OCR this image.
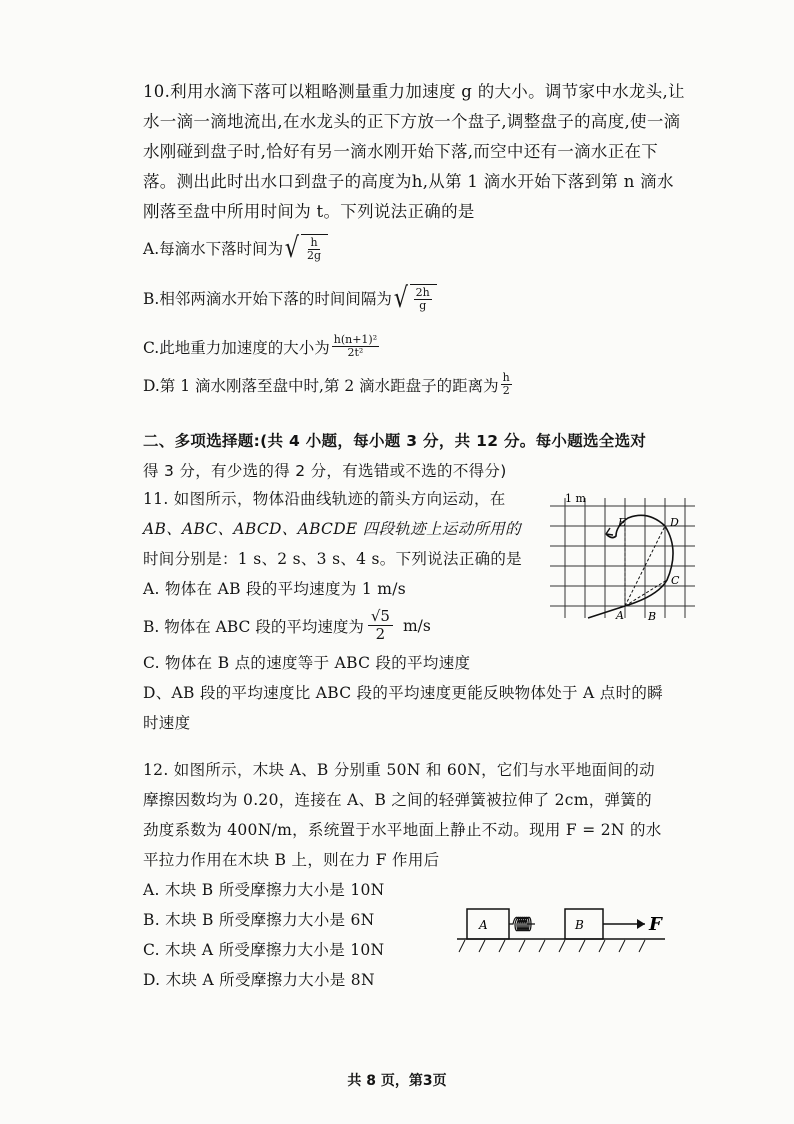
10.利用水滴下落可以粗略测量重力加速度 g 的大小。调节家中水龙头,让
水一滴一滴地流出,在水龙头的正下方放一个盘子,调整盘子的高度,使一滴
水刚碰到盘子时,恰好有另一滴水刚开始下落,而空中还有一滴水正在下
落。测出此时出水口到盘子的高度为h,从第 1 滴水开始下落到第 n 滴水
刚落至盘中所用时间为 t。下列说法正确的是
A.每滴水下落时间为 √ $\frac{h}{2g}$
B.相邻两滴水开始下落的时间间隔为 √ $\frac{2h}{g}$
C.此地重力加速度的大小为 $\frac{\text{h(n+1)²}}{\text{2t²}}$
D.第 1 滴水刚落至盘中时,第 2 滴水距盘子的距离为 $\frac{h}{2}$
二、多项选择题:(共 4 小题，每小题 3 分，共 12 分。每小题选全选对
得 3 分，有少选的得 2 分，有选错或不选的不得分)
11. 如图所示，物体沿曲线轨迹的箭头方向运动，在
AB、ABC、ABCD、ABCDE 四段轨迹上运动所用的
时间分别是：1 s、2 s、3 s、4 s。下列说法正确的是
A. 物体在 AB 段的平均速度为 1 m/s
B. 物体在 ABC 段的平均速度为 $\frac{√5}{2} m/s$
C. 物体在 B 点的速度等于 ABC 段的平均速度
D、AB 段的平均速度比 ABC 段的平均速度更能反映物体处于 A 点时的瞬
时速度
1 m
A B
C
D
E
12. 如图所示，木块 A、B 分别重 50N 和 60N，它们与水平地面间的动
摩擦因数均为 0.20，连接在 A、B 之间的轻弹簧被拉伸了 2cm，弹簧的
劲度系数为 400N/m，系统置于水平地面上静止不动。现用 F = 2N 的水
平拉力作用在木块 B 上，则在力 F 作用后
A. 木块 B 所受摩擦力大小是 10N
B. 木块 B 所受摩擦力大小是 6N
C. 木块 A 所受摩擦力大小是 10N
D. 木块 A 所受摩擦力大小是 8N
A	B	F
共 8 页，第3页
